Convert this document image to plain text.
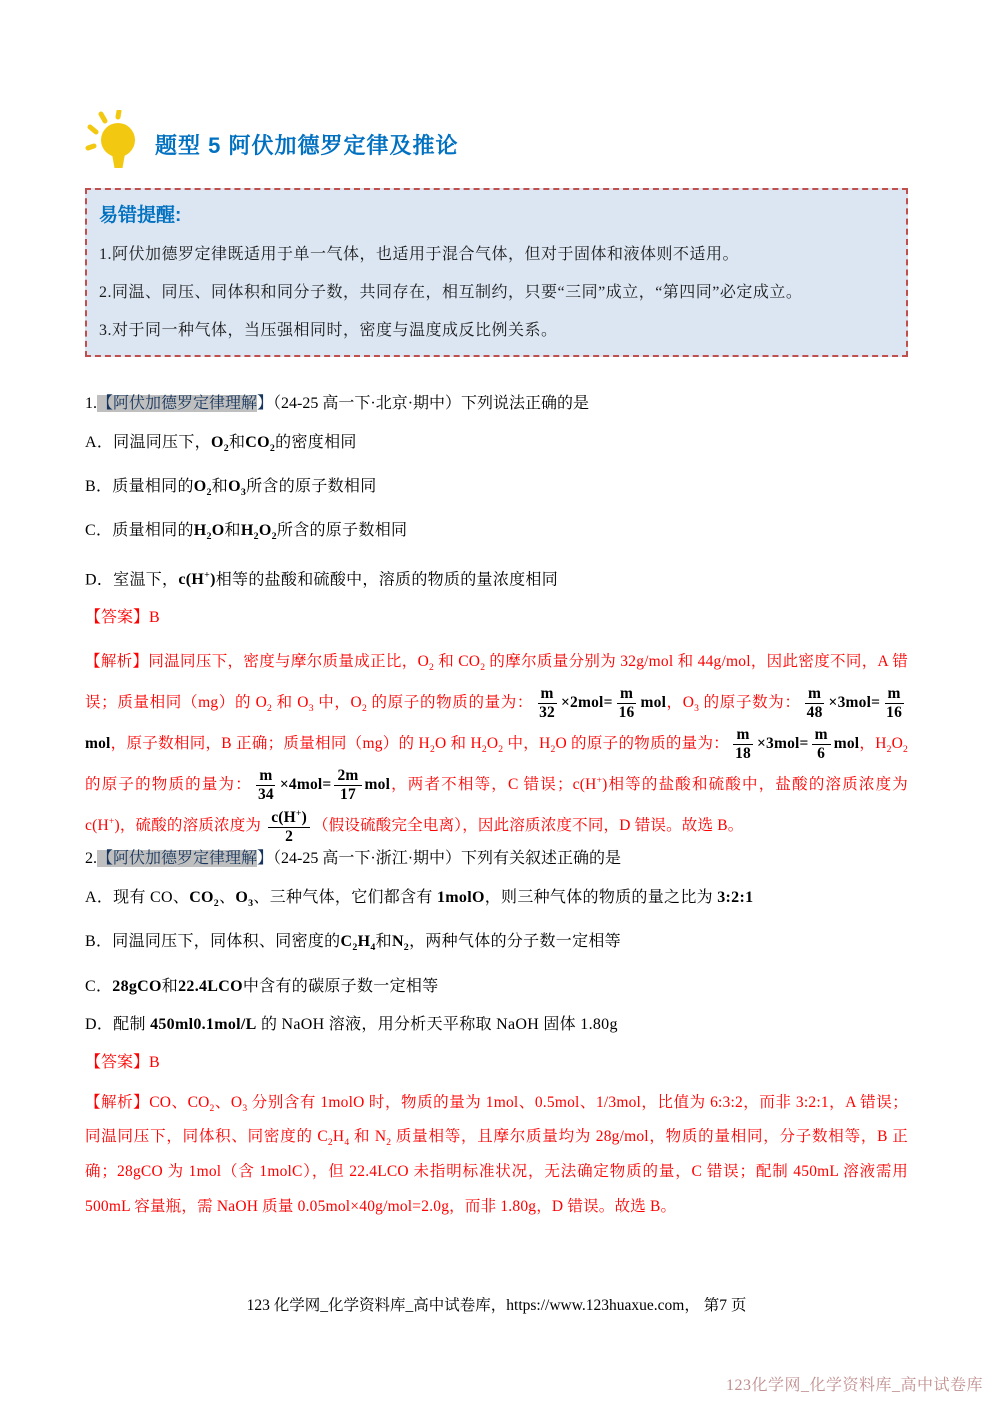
题型 5 阿伏加德罗定律及推论
易错提醒:

1.阿伏加德罗定律既适用于单一气体，也适用于混合气体，但对于固体和液体则不适用。

2.同温、同压、同体积和同分子数，共同存在，相互制约，只要“三同”成立，“第四同”必定成立。

3.对于同一种气体，当压强相同时，密度与温度成反比例关系。

1.【阿伏加德罗定律理解】（24-25 高一下·北京·期中）下列说法正确的是

A．同温同压下，$O_2$和$CO_2$的密度相同

B．质量相同的$O_2$和$O_3$所含的原子数相同

C．质量相同的$H_2O$和$H_2O_2$所含的原子数相同

D．室温下，c(H+)相等的盐酸和硫酸中，溶质的物质的量浓度相同

【答案】B

【解析】同温同压下，密度与摩尔质量成正比，$O_2$ 和 $CO_2$ 的摩尔质量分别为 32g/mol 和 44g/mol，因此密度不同，A 错误；质量相同（mg）的 $O_2$ 和 $O_3$ 中，$O_2$ 的原子的物质的量为： $\frac{m}{32} \times 2mol= \frac{m}{16}$ mol，$O_3$ 的原子数为： $\frac{m}{48} \times 3mol= \frac{m}{16}$
mol，原子数相同，B 正确；质量相同（mg）的 $H_2O$ 和 $H_2O_2$ 中，$H_2O$ 的原子的物质的量为： $\frac{m}{18} \times 3mol= \frac{m}{6}$ mol，$H_2O_2$ 的原子的物质的量为： $\frac{m}{34} \times 4mol= \frac{2m}{17}$ mol，两者不相等，C 错误；c(H+)相等的盐酸和硫酸中，盐酸的溶质浓度为 c(H+)，硫酸的溶质浓度为 $\frac{c(H^+)}{2}$ （假设硫酸完全电离），因此溶质浓度不同，D 错误。故选 B。

2.【阿伏加德罗定律理解】（24-25 高一下·浙江·期中）下列有关叙述正确的是

A．现有 CO、$CO_2$、$O_3$、三种气体，它们都含有 1molO，则三种气体的物质的量之比为 3:2:1

B．同温同压下，同体积、同密度的$C_2H_4$和$N_2$，两种气体的分子数一定相等

C．28gCO和22.4LCO中含有的碳原子数一定相等

D．配制 450ml0.1mol/L 的 NaOH 溶液，用分析天平称取 NaOH 固体 1.80g

【答案】B

【解析】CO、$CO_2$、$O_3$ 分别含有 1molO 时，物质的量为 1mol、0.5mol、1/3mol，比值为 6:3:2，而非 3:2:1，A 错误；同温同压下，同体积、同密度的 $C_2H_4$ 和 $N_2$ 质量相等，且摩尔质量均为 28g/mol，物质的量相同，分子数相等，B 正确；28gCO 为 1mol（含 1molC），但 22.4LCO 未指明标准状况，无法确定物质的量，C 错误；配制 450mL 溶液需用 500mL 容量瓶，需 NaOH 质量 0.05mol×40g/mol=2.0g，而非 1.80g，D 错误。故选 B。

123 化学网_化学资料库_高中试卷库，https://www.123huaxue.com， 第7 页
123化学网_化学资料库_高中试卷库
